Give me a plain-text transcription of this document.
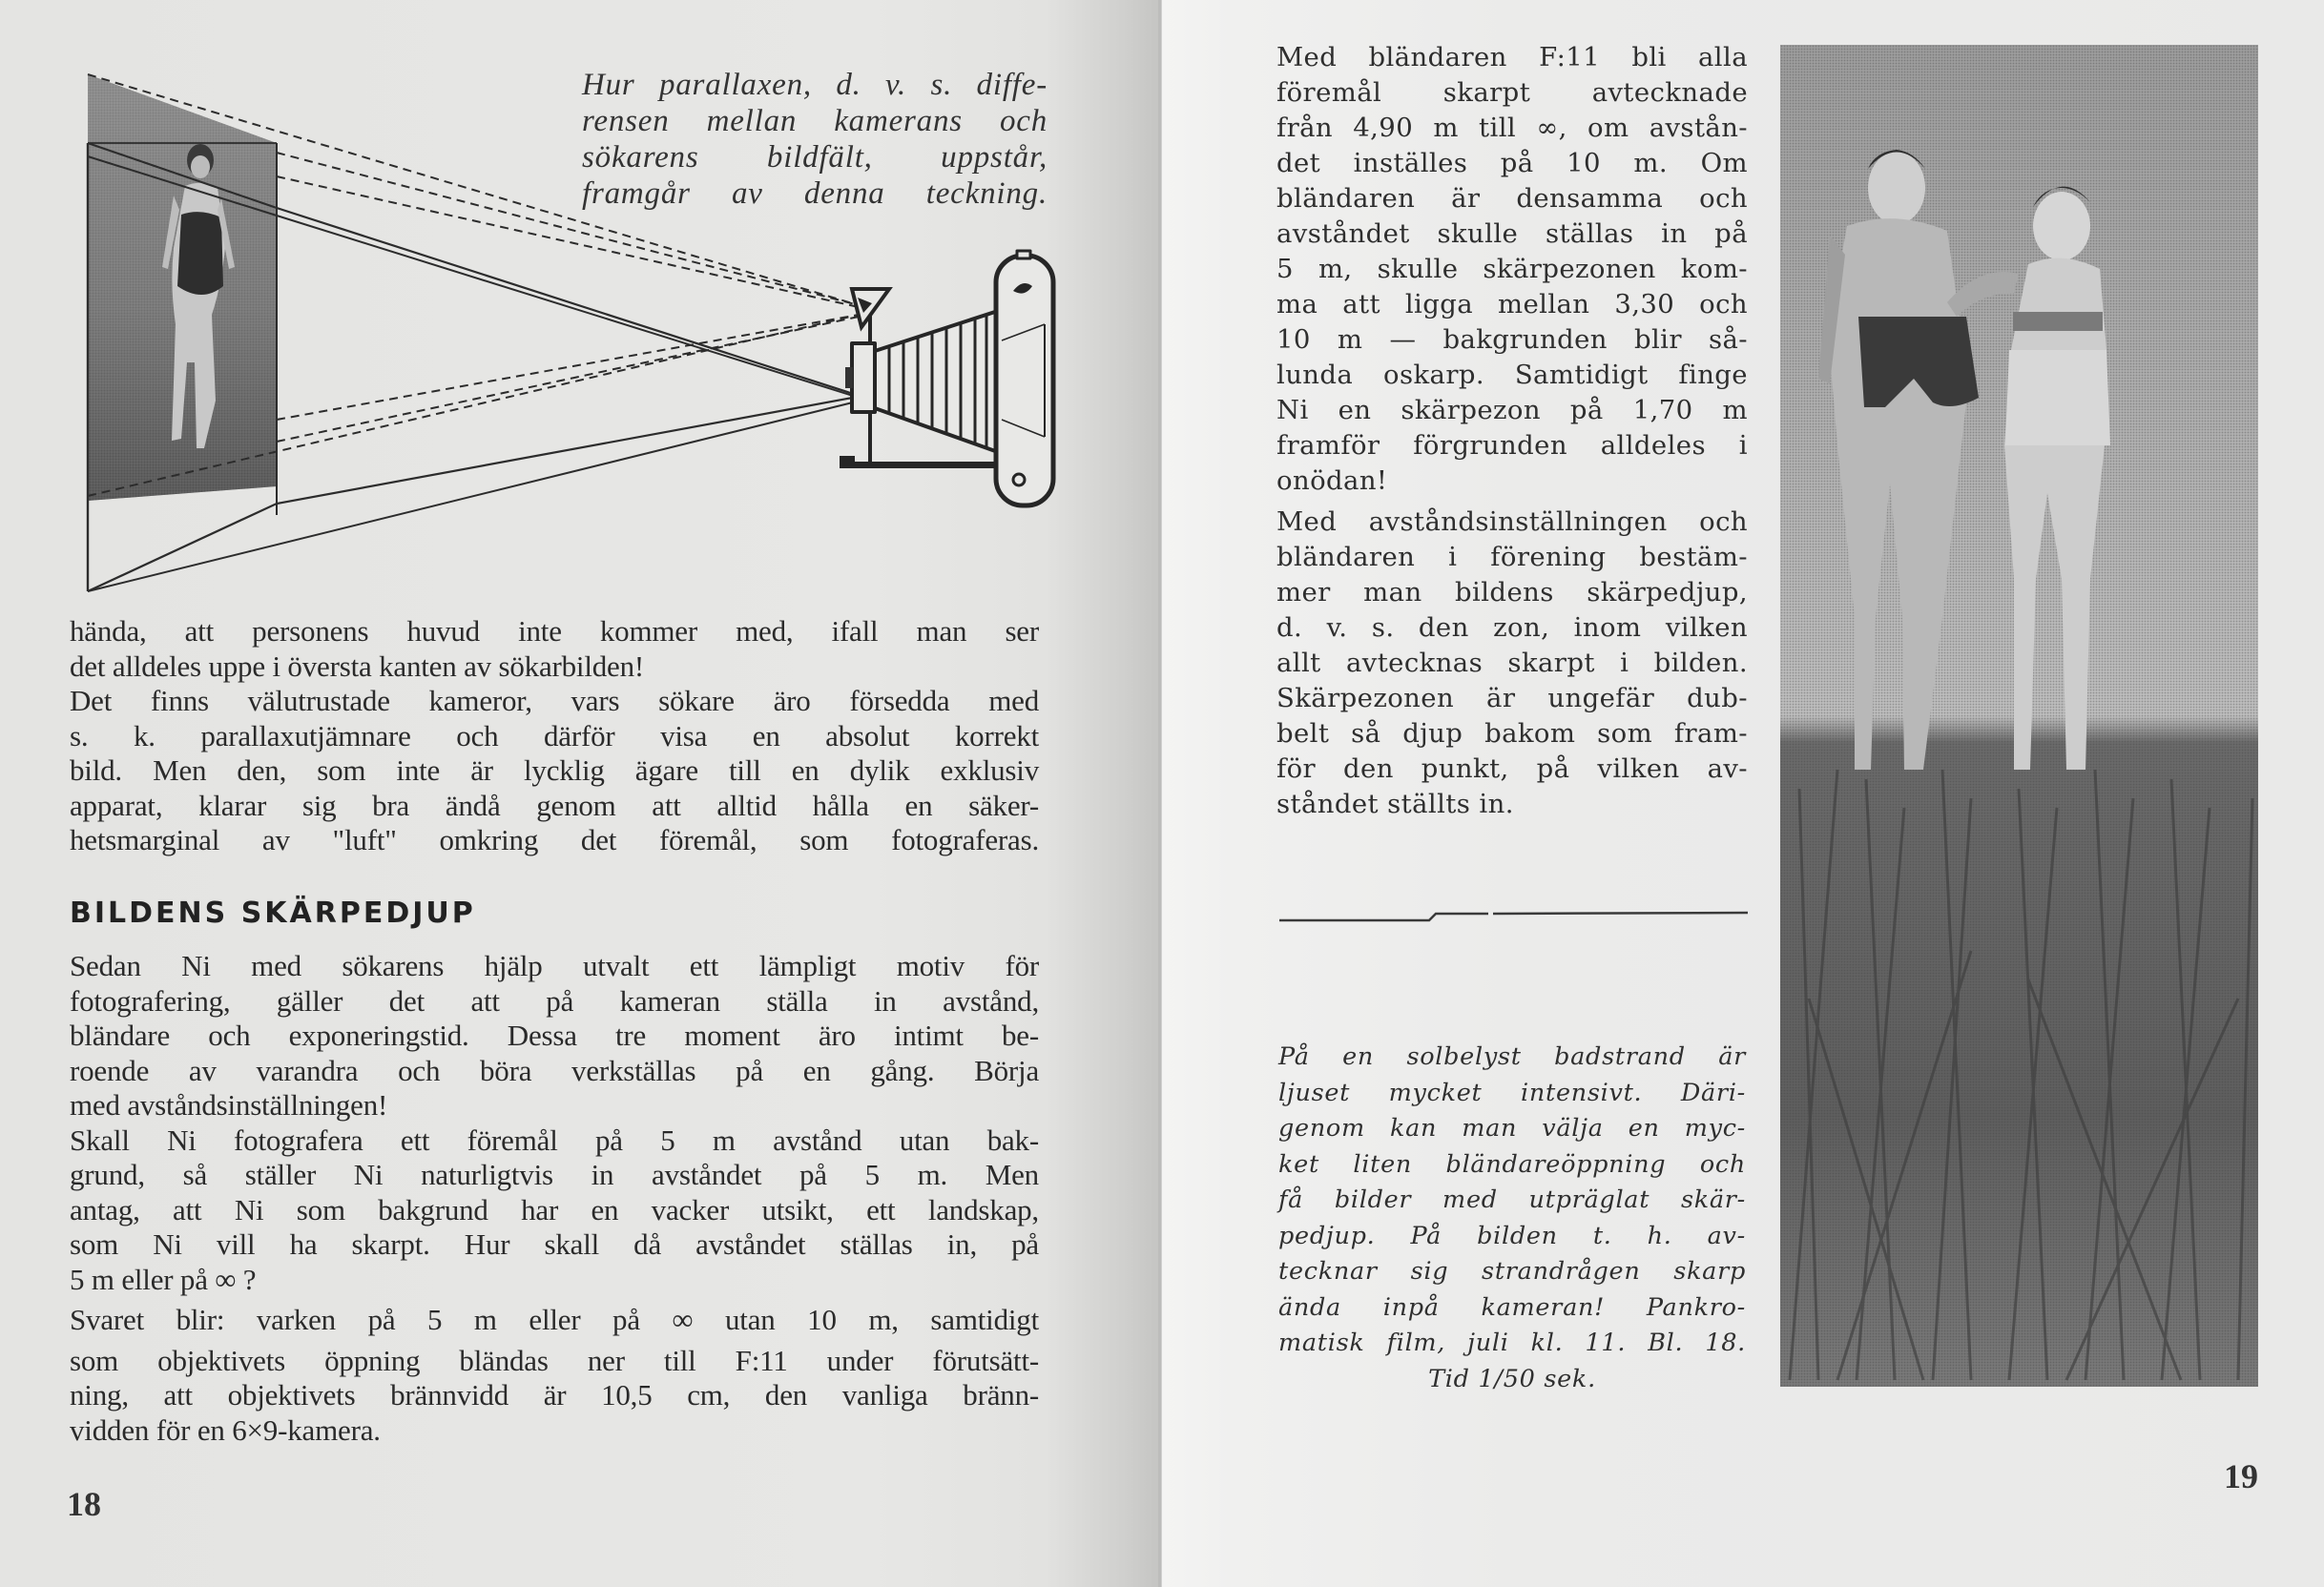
Hur parallaxen, d. v. s. diffe-

rensen mellan kamerans och

sökarens bildfält, uppstår,

framgår av denna teckning.

hända, att personens huvud inte kommer med, ifall man ser

det alldeles uppe i översta kanten av sökarbilden!

Det finns välutrustade kameror, vars sökare äro försedda med

s. k. parallaxutjämnare och därför visa en absolut korrekt

bild. Men den, som inte är lycklig ägare till en dylik exklusiv

apparat, klarar sig bra ändå genom att alltid hålla en säker-

hetsmarginal av "luft" omkring det föremål, som fotograferas.

BILDENS SKÄRPEDJUP

Sedan Ni med sökarens hjälp utvalt ett lämpligt motiv för

fotografering, gäller det att på kameran ställa in avstånd,

bländare och exponeringstid. Dessa tre moment äro intimt be-

roende av varandra och böra verkställas på en gång. Börja

med avståndsinställningen!

Skall Ni fotografera ett föremål på 5 m avstånd utan bak-

grund, så ställer Ni naturligtvis in avståndet på 5 m. Men

antag, att Ni som bakgrund har en vacker utsikt, ett landskap,

som Ni vill ha skarpt. Hur skall då avståndet ställas in, på

5 m eller på ∞ ?

Svaret blir: varken på 5 m eller på ∞ utan 10 m, samtidigt

som objektivets öppning bländas ner till F:11 under förutsätt-

ning, att objektivets brännvidd är 10,5 cm, den vanliga bränn-

vidden för en 6×9-kamera.

18

Med bländaren F:11 bli alla

föremål skarpt avtecknade

från 4,90 m till ∞, om avstån-

det inställes på 10 m. Om

bländaren är densamma och

avståndet skulle ställas in på

5 m, skulle skärpezonen kom-

ma att ligga mellan 3,30 och

10 m — bakgrunden blir så-

lunda oskarp. Samtidigt finge

Ni en skärpezon på 1,70 m

framför förgrunden alldeles i

onödan!

Med avståndsinställningen och

bländaren i förening bestäm-

mer man bildens skärpedjup,

d. v. s. den zon, inom vilken

allt avtecknas skarpt i bilden.

Skärpezonen är ungefär dub-

belt så djup bakom som fram-

för den punkt, på vilken av-

ståndet ställts in.

På en solbelyst badstrand är

ljuset mycket intensivt. Däri-

genom kan man välja en myc-

ket liten bländareöppning och

få bilder med utpräglat skär-

pedjup. På bilden t. h. av-

tecknar sig strandrågen skarp

ända inpå kameran! Pankro-

matisk film, juli kl. 11. Bl. 18.

Tid 1/50 sek.

19
